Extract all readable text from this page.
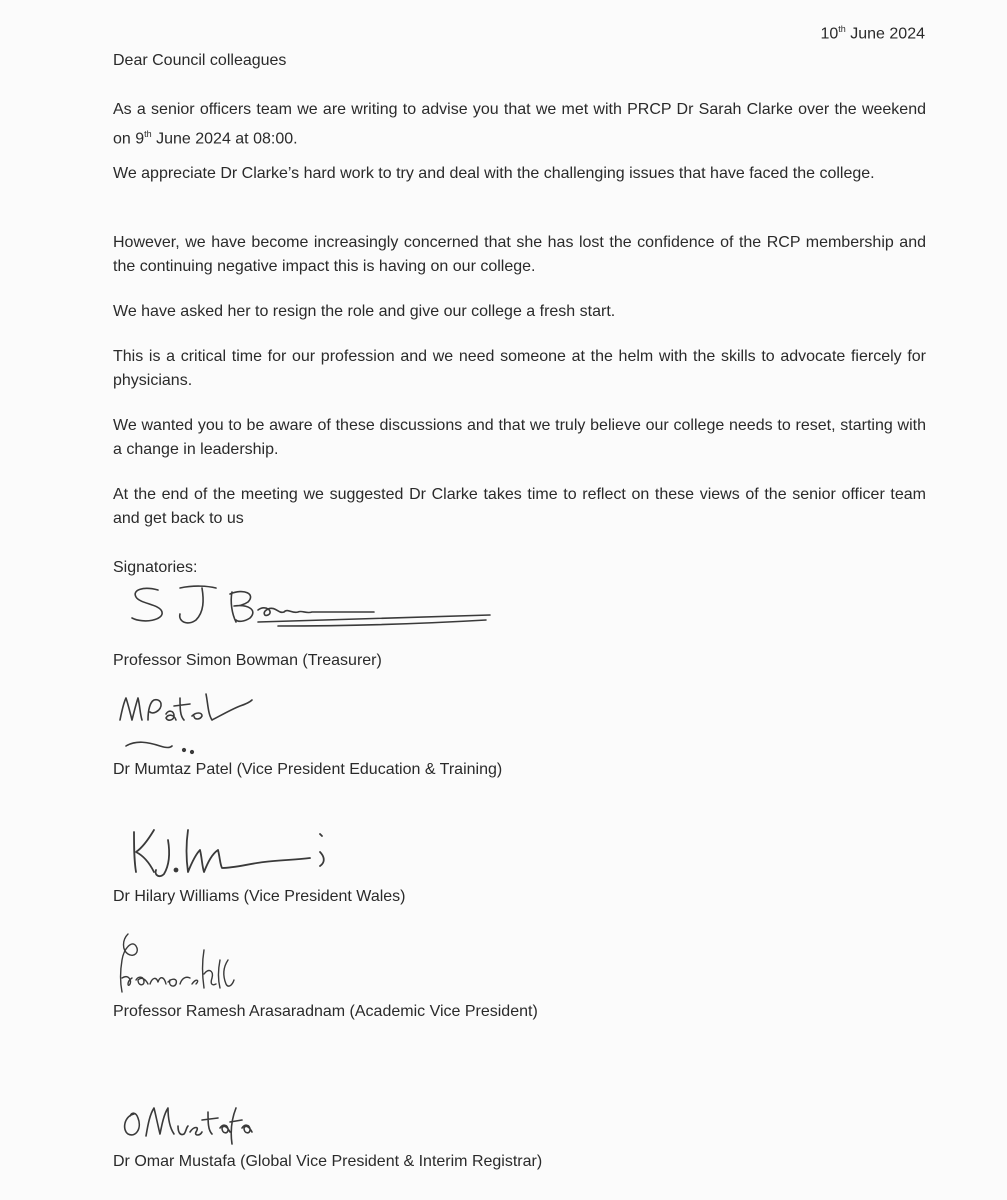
10th June 2024
Dear Council colleagues

As a senior officers team we are writing to advise you that we met with PRCP Dr Sarah Clarke over the weekend on 9th June 2024 at 08:00.

We appreciate Dr Clarke’s hard work to try and deal with the challenging issues that have faced the college.

However, we have become increasingly concerned that she has lost the confidence of the RCP membership and the continuing negative impact this is having on our college.

We have asked her to resign the role and give our college a fresh start.

This is a critical time for our profession and we need someone at the helm with the skills to advocate fiercely for physicians.

We wanted you to be aware of these discussions and that we truly believe our college needs to reset, starting with a change in leadership.

At the end of the meeting we suggested Dr Clarke takes time to reflect on these views of the senior officer team and get back to us

Signatories:
Professor Simon Bowman (Treasurer)
Dr Mumtaz Patel (Vice President Education & Training)
Dr Hilary Williams (Vice President Wales)
Professor Ramesh Arasaradnam (Academic Vice President)
Dr Omar Mustafa (Global Vice President & Interim Registrar)
